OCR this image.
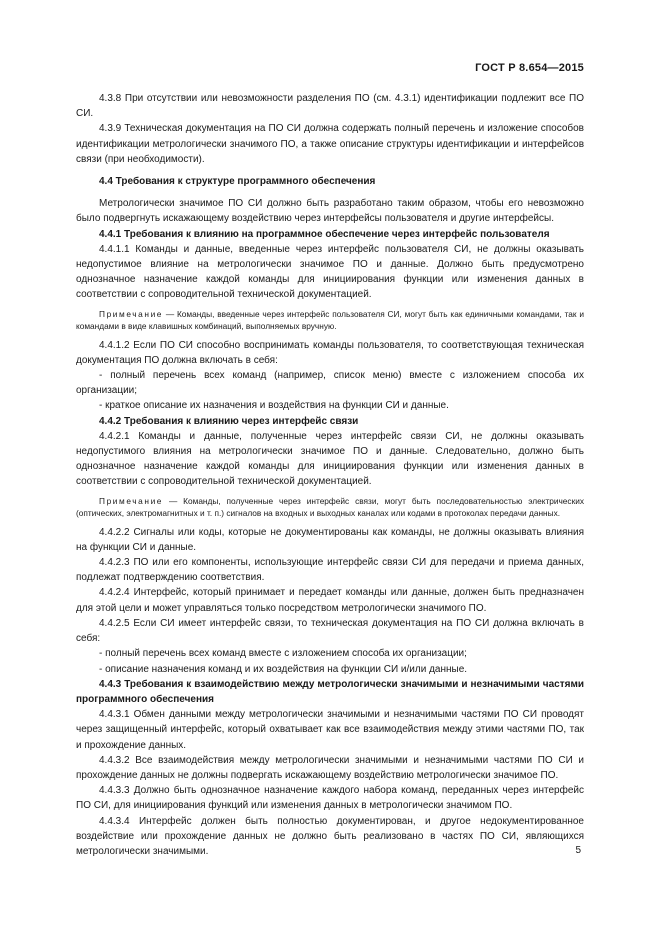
ГОСТ Р 8.654—2015

4.3.8 При отсутствии или невозможности разделения ПО (см. 4.3.1) идентификации подлежит все ПО СИ.

4.3.9 Техническая документация на ПО СИ должна содержать полный перечень и изложение способов идентификации метрологически значимого ПО, а также описание структуры идентификации и интерфейсов связи (при необходимости).

4.4 Требования к структуре программного обеспечения

Метрологически значимое ПО СИ должно быть разработано таким образом, чтобы его невозможно было подвергнуть искажающему воздействию через интерфейсы пользователя и другие интерфейсы.

4.4.1 Требования к влиянию на программное обеспечение через интерфейс пользователя

4.4.1.1 Команды и данные, введенные через интерфейс пользователя СИ, не должны оказывать недопустимое влияние на метрологически значимое ПО и данные. Должно быть предусмотрено однозначное назначение каждой команды для инициирования функции или изменения данных в соответствии с сопроводительной технической документацией.

Примечание — Команды, введенные через интерфейс пользователя СИ, могут быть как единичными командами, так и командами в виде клавишных комбинаций, выполняемых вручную.

4.4.1.2 Если ПО СИ способно воспринимать команды пользователя, то соответствующая техническая документация ПО должна включать в себя:

- полный перечень всех команд (например, список меню) вместе с изложением способа их организации;

- краткое описание их назначения и воздействия на функции СИ и данные.

4.4.2 Требования к влиянию через интерфейс связи

4.4.2.1 Команды и данные, полученные через интерфейс связи СИ, не должны оказывать недопустимого влияния на метрологически значимое ПО и данные. Следовательно, должно быть однозначное назначение каждой команды для инициирования функции или изменения данных в соответствии с сопроводительной технической документацией.

Примечание — Команды, полученные через интерфейс связи, могут быть последовательностью электрических (оптических, электромагнитных и т. п.) сигналов на входных и выходных каналах или кодами в протоколах передачи данных.

4.4.2.2 Сигналы или коды, которые не документированы как команды, не должны оказывать влияния на функции СИ и данные.

4.4.2.3 ПО или его компоненты, использующие интерфейс связи СИ для передачи и приема данных, подлежат подтверждению соответствия.

4.4.2.4 Интерфейс, который принимает и передает команды или данные, должен быть предназначен для этой цели и может управляться только посредством метрологически значимого ПО.

4.4.2.5 Если СИ имеет интерфейс связи, то техническая документация на ПО СИ должна включать в себя:

- полный перечень всех команд вместе с изложением способа их организации;

- описание назначения команд и их воздействия на функции СИ и/или данные.

4.4.3 Требования к взаимодействию между метрологически значимыми и незначимыми частями программного обеспечения

4.4.3.1 Обмен данными между метрологически значимыми и незначимыми частями ПО СИ проводят через защищенный интерфейс, который охватывает как все взаимодействия между этими частями ПО, так и прохождение данных.

4.4.3.2 Все взаимодействия между метрологически значимыми и незначимыми частями ПО СИ и прохождение данных не должны подвергать искажающему воздействию метрологически значимое ПО.

4.4.3.3 Должно быть однозначное назначение каждого набора команд, переданных через интерфейс ПО СИ, для инициирования функций или изменения данных в метрологически значимом ПО.

4.4.3.4 Интерфейс должен быть полностью документирован, и другое недокументированное воздействие или прохождение данных не должно быть реализовано в частях ПО СИ, являющихся метрологически значимыми.	5
